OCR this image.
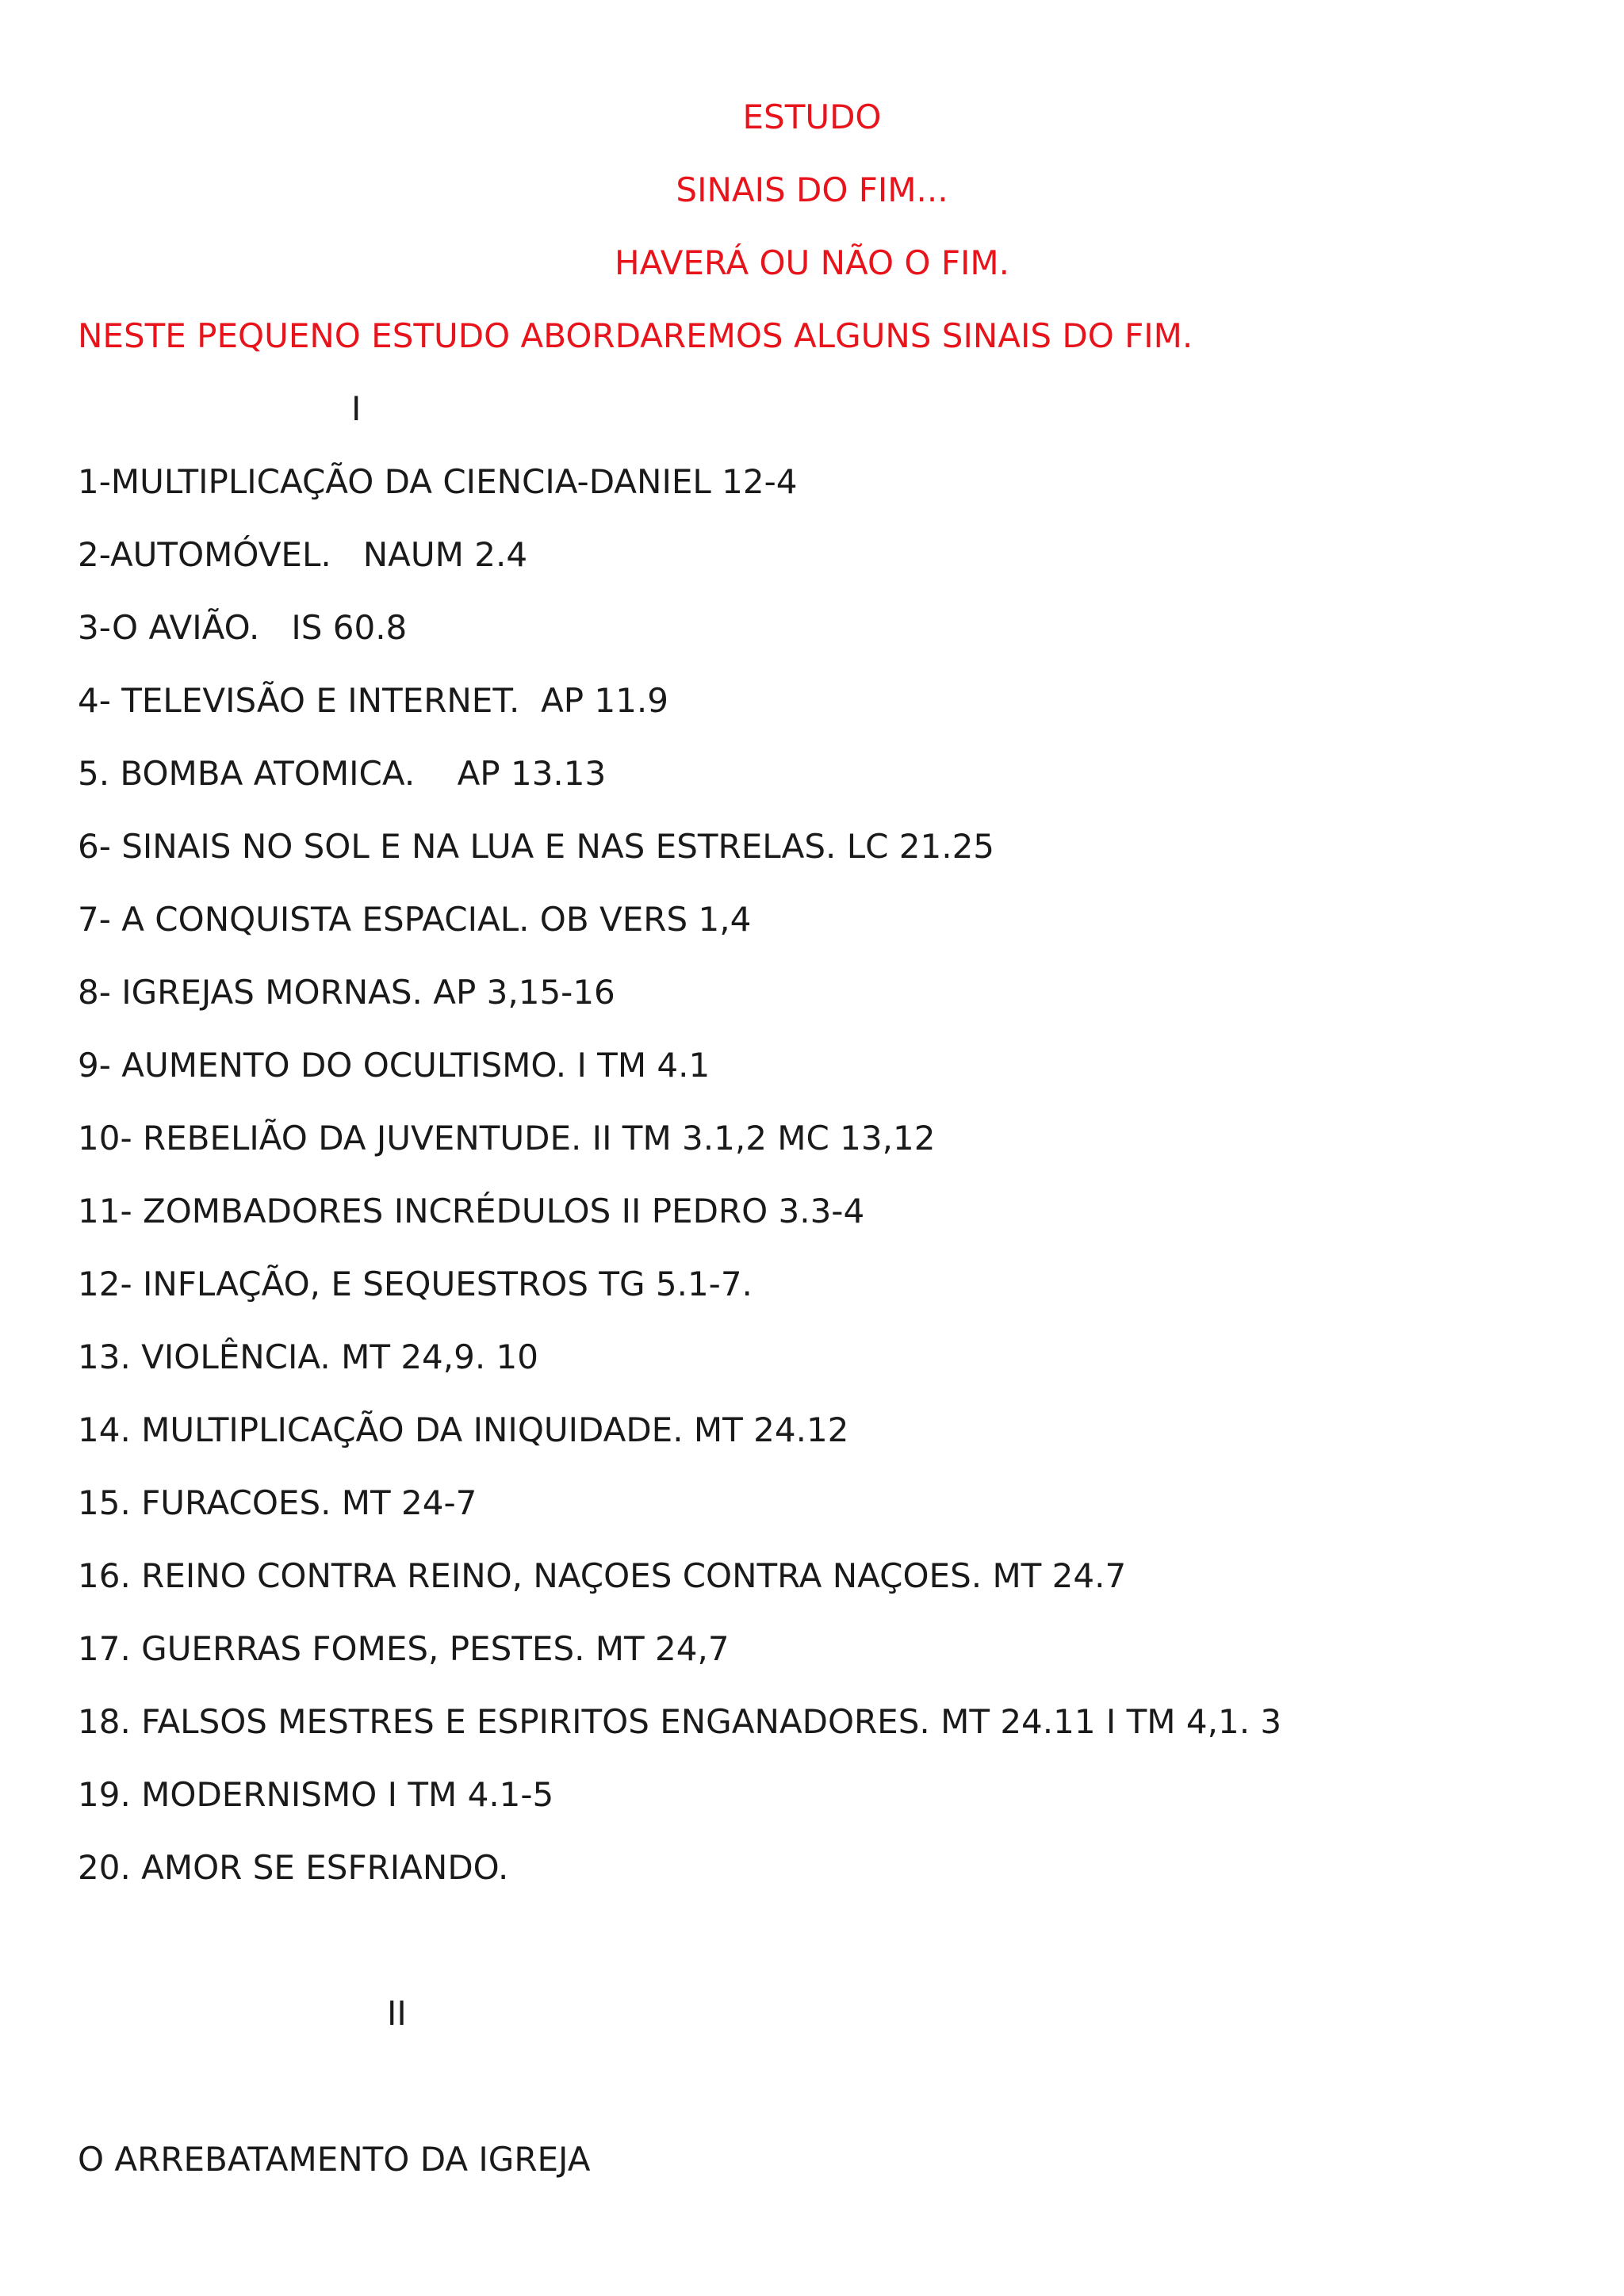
ESTUDO
SINAIS DO FIM...
HAVERÁ OU NÃO O FIM.
NESTE PEQUENO ESTUDO ABORDAREMOS ALGUNS SINAIS DO FIM.
I
1-MULTIPLICAÇÃO DA CIENCIA-DANIEL 12-4
2-AUTOMÓVEL.   NAUM 2.4
3-O AVIÃO.   IS 60.8
4- TELEVISÃO E INTERNET.  AP 11.9
5. BOMBA ATOMICA.    AP 13.13
6- SINAIS NO SOL E NA LUA E NAS ESTRELAS. LC 21.25
7- A CONQUISTA ESPACIAL. OB VERS 1,4
8- IGREJAS MORNAS. AP 3,15-16
9- AUMENTO DO OCULTISMO. I TM 4.1
10- REBELIÃO DA JUVENTUDE. II TM 3.1,2 MC 13,12
11- ZOMBADORES INCRÉDULOS II PEDRO 3.3-4
12- INFLAÇÃO, E SEQUESTROS TG 5.1-7.
13. VIOLÊNCIA. MT 24,9. 10
14. MULTIPLICAÇÃO DA INIQUIDADE. MT 24.12
15. FURACOES. MT 24-7
16. REINO CONTRA REINO, NAÇOES CONTRA NAÇOES. MT 24.7
17. GUERRAS FOMES, PESTES. MT 24,7
18. FALSOS MESTRES E ESPIRITOS ENGANADORES. MT 24.11 I TM 4,1. 3
19. MODERNISMO I TM 4.1-5
20. AMOR SE ESFRIANDO.
II
O ARREBATAMENTO DA IGREJA
